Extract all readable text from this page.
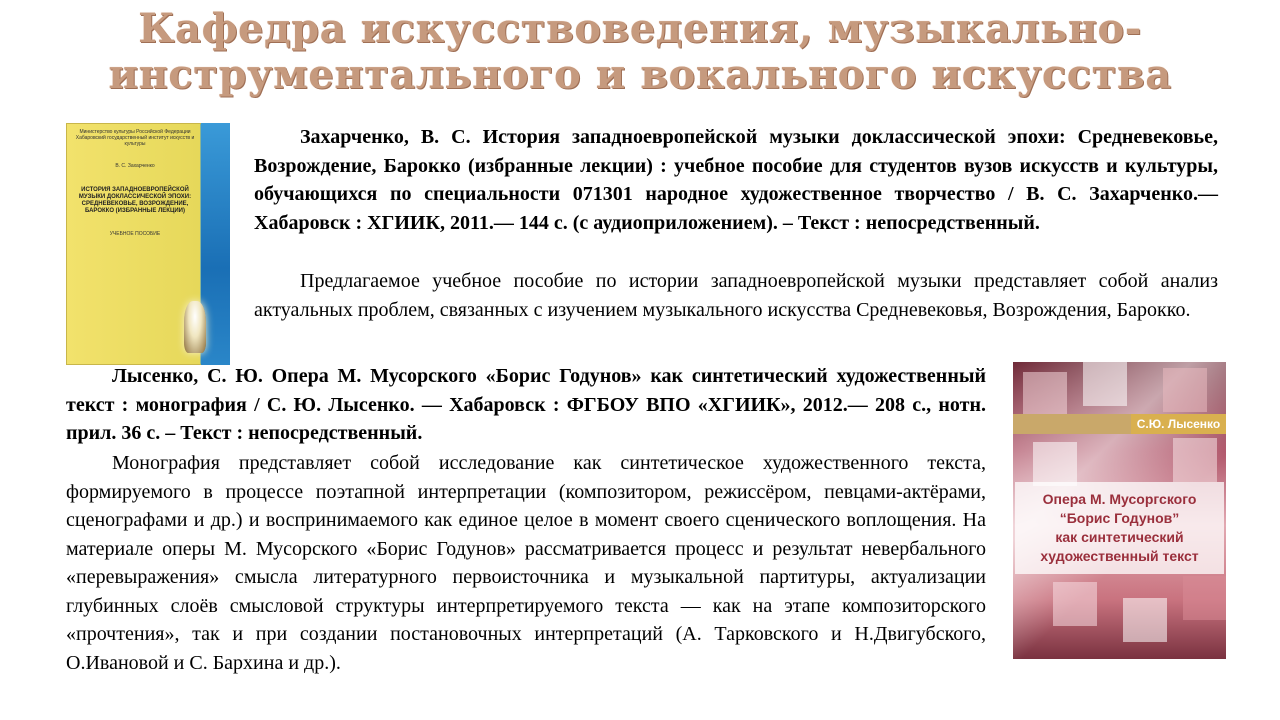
Кафедра искусствоведения, музыкально-
инструментального и вокального искусства
Министерство культуры Российской Федерации Хабаровский государственный институт искусств и культуры
В. С. Захарченко
ИСТОРИЯ ЗАПАДНОЕВРОПЕЙСКОЙ МУЗЫКИ ДОКЛАССИЧЕСКОЙ ЭПОХИ: СРЕДНЕВЕКОВЬЕ, ВОЗРОЖДЕНИЕ, БАРОККО (ИЗБРАННЫЕ ЛЕКЦИИ)
УЧЕБНОЕ ПОСОБИЕ

Захарченко, В. С. История западноевропейской музыки доклассической эпохи: Средневековье, Возрождение, Барокко (избранные лекции) : учебное пособие для студентов вузов искусств и культуры, обучающихся по специальности 071301 народное художественное творчество / В. С. Захарченко.— Хабаровск : ХГИИК, 2011.— 144 с. (с аудиоприложением). – Текст : непосредственный.

Предлагаемое учебное пособие по истории западноевропейской музыки представляет собой анализ актуальных проблем, связанных с изучением музыкального искусства Средневековья, Возрождения, Барокко.

Лысенко, С. Ю. Опера М. Мусорского «Борис Годунов» как синтетический художественный текст : монография / С. Ю. Лысенко. — Хабаровск : ФГБОУ ВПО «ХГИИК», 2012.— 208 с., нотн. прил. 36 с. – Текст : непосредственный.

Монография представляет собой исследование как синтетическое художественного текста, формируемого в процессе поэтапной интерпретации (композитором, режиссёром, певцами-актёрами, сценографами и др.) и воспринимаемого как единое целое в момент своего сценического воплощения. На материале оперы М. Мусорского «Борис Годунов» рассматривается процесс и результат невербального «перевыражения» смысла литературного первоисточника и музыкальной партитуры, актуализации глубинных слоёв смысловой структуры интерпретируемого текста — как на этапе композиторского «прочтения», так и при создании постановочных интерпретаций (А. Тарковского и Н.Двигубского, О.Ивановой и С. Бархина и др.).

С.Ю. Лысенко
Опера М. Мусоргского
“Борис Годунов”
как синтетический
художественный текст
